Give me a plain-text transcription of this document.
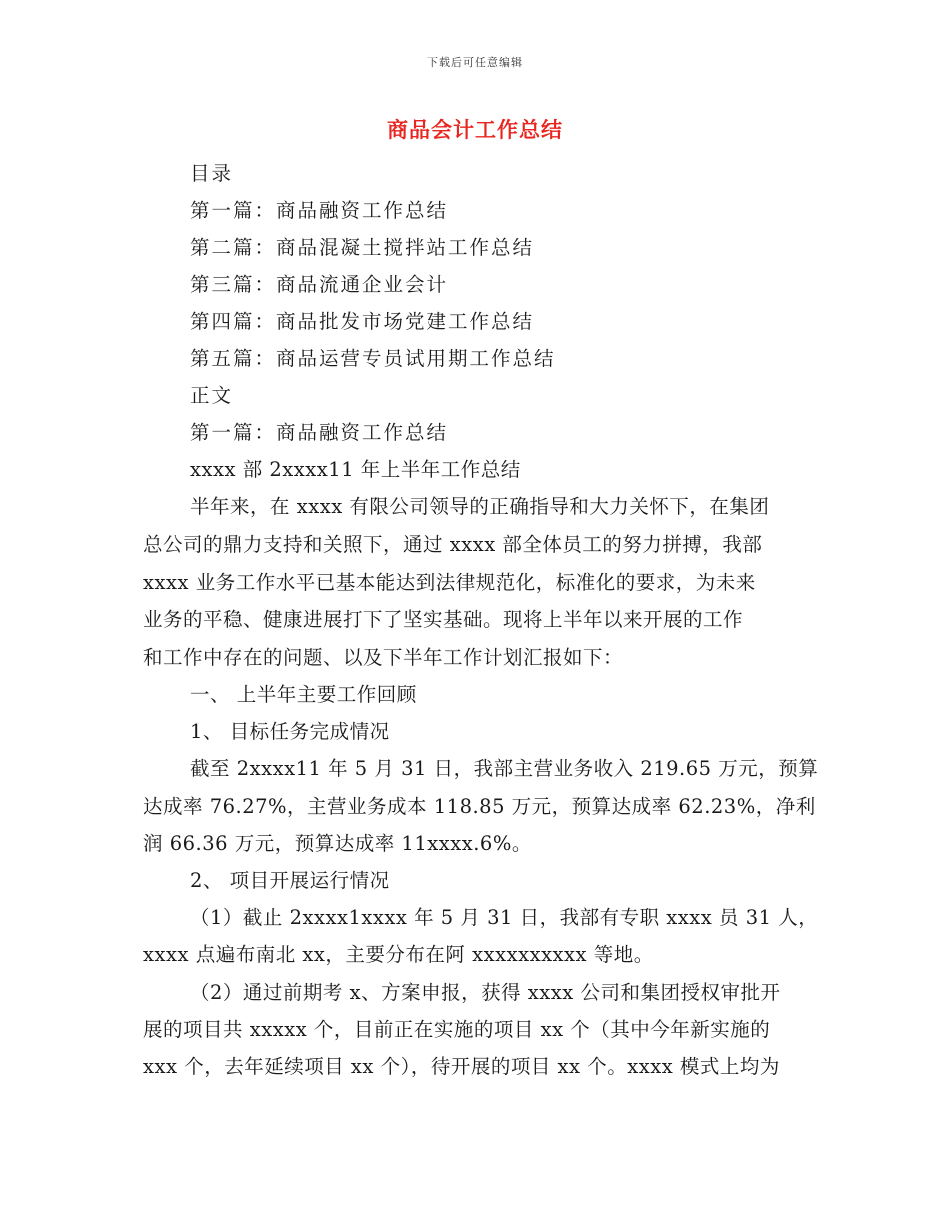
下载后可任意编辑
商品会计工作总结
目录
第一篇：商品融资工作总结
第二篇：商品混凝土搅拌站工作总结
第三篇：商品流通企业会计
第四篇：商品批发市场党建工作总结
第五篇：商品运营专员试用期工作总结
正文
第一篇：商品融资工作总结
xxxx 部 2xxxx11 年上半年工作总结
半年来，在 xxxx 有限公司领导的正确指导和大力关怀下，在集团
总公司的鼎力支持和关照下，通过 xxxx 部全体员工的努力拼搏，我部
xxxx 业务工作水平已基本能达到法律规范化，标准化的要求，为未来
业务的平稳、健康进展打下了坚实基础。现将上半年以来开展的工作
和工作中存在的问题、以及下半年工作计划汇报如下：
一、 上半年主要工作回顾
1、 目标任务完成情况
截至 2xxxx11 年 5 月 31 日，我部主营业务收入 219.65 万元，预算
达成率 76.27%，主营业务成本 118.85 万元，预算达成率 62.23%，净利
润 66.36 万元，预算达成率 11xxxx.6%。
2、 项目开展运行情况
（1）截止 2xxxx1xxxx 年 5 月 31 日，我部有专职 xxxx 员 31 人，
xxxx 点遍布南北 xx，主要分布在阿 xxxxxxxxxx 等地。
（2）通过前期考 x、方案申报，获得 xxxx 公司和集团授权审批开
展的项目共 xxxxx 个，目前正在实施的项目 xx 个（其中今年新实施的
xxx 个，去年延续项目 xx 个），待开展的项目 xx 个。xxxx 模式上均为
